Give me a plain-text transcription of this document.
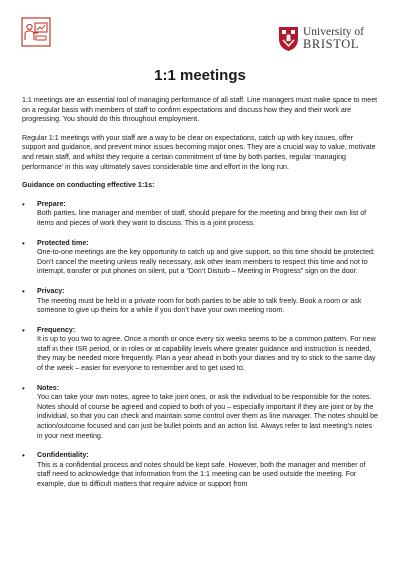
University of
BRISTOL
1:1 meetings

1:1 meetings are an essential tool of managing performance of all staff. Line managers must make space to meet on a regular basis with members of staff to confirm expectations and discuss how they and their work are progressing. You should do this throughout employment.

Regular 1:1 meetings with your staff are a way to be clear on expectations, catch up with key issues, offer support and guidance, and prevent minor issues becoming major ones. They are a crucial way to value, motivate and retain staff, and whilst they require a certain commitment of time by both parties, regular ‘managing performance’ in this way ultimately saves considerable time and effort in the long run.

Guidance on conducting effective 1:1s:

• Prepare:
Both parties, line manager and member of staff, should prepare for the meeting and bring their own list of items and pieces of work they want to discuss. This is a joint process.
• Protected time:
One-to-one meetings are the key opportunity to catch up and give support, so this time should be protected; Don’t cancel the meeting unless really necessary, ask other team members to respect this time and not to interrupt, transfer or put phones on silent, put a “Don’t Disturb – Meeting in Progress” sign on the door.
• Privacy:
The meeting must be held in a private room for both parties to be able to talk freely. Book a room or ask someone to give up theirs for a while if you don’t have your own meeting room.
• Frequency:
It is up to you two to agree. Once a month or once every six weeks seems to be a common pattern. For new staff in their ISR period, or in roles or at capability levels where greater guidance and instruction is needed, they may be needed more frequently. Plan a year ahead in both your diaries and try to stick to the same day of the week – easier for everyone to remember and to get used to.
• Notes:
You can take your own notes, agree to take joint ones, or ask the individual to be responsible for the notes. Notes should of course be agreed and copied to both of you – especially important if they are joint or by the individual, so that you can check and maintain some control over them as line manager. The notes should be action/outcome focused and can just be bullet points and an action list. Always refer to last meeting’s notes in your next meeting.
• Confidentiality:
This is a confidential process and notes should be kept safe. However, both the manager and member of staff need to acknowledge that information from the 1:1 meeting can be used outside the meeting. For example, due to difficult matters that require advice or support from
